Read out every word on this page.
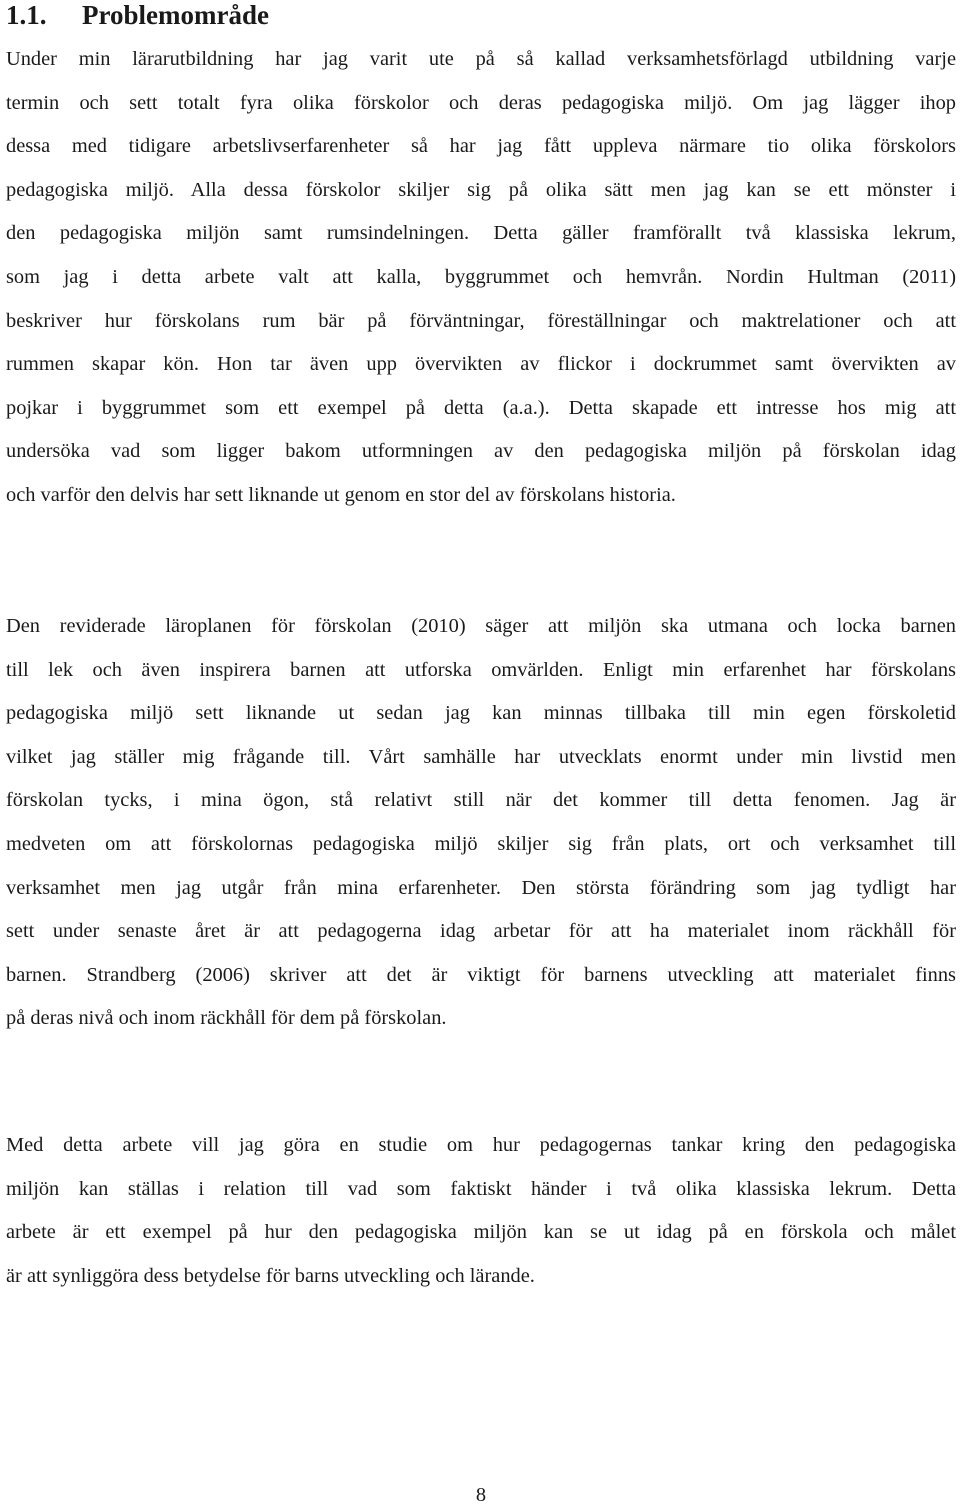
1.1. Problemområde
Under min lärarutbildning har jag varit ute på så kallad verksamhetsförlagd utbildning varje
termin och sett totalt fyra olika förskolor och deras pedagogiska miljö. Om jag lägger ihop
dessa med tidigare arbetslivserfarenheter så har jag fått uppleva närmare tio olika förskolors
pedagogiska miljö. Alla dessa förskolor skiljer sig på olika sätt men jag kan se ett mönster i
den pedagogiska miljön samt rumsindelningen. Detta gäller framförallt två klassiska lekrum,
som jag i detta arbete valt att kalla, byggrummet och hemvrån. Nordin Hultman (2011)
beskriver hur förskolans rum bär på förväntningar, föreställningar och maktrelationer och att
rummen skapar kön. Hon tar även upp övervikten av flickor i dockrummet samt övervikten av
pojkar i byggrummet som ett exempel på detta (a.a.). Detta skapade ett intresse hos mig att
undersöka vad som ligger bakom utformningen av den pedagogiska miljön på förskolan idag
och varför den delvis har sett liknande ut genom en stor del av förskolans historia.
Den reviderade läroplanen för förskolan (2010) säger att miljön ska utmana och locka barnen
till lek och även inspirera barnen att utforska omvärlden. Enligt min erfarenhet har förskolans
pedagogiska miljö sett liknande ut sedan jag kan minnas tillbaka till min egen förskoletid
vilket jag ställer mig frågande till. Vårt samhälle har utvecklats enormt under min livstid men
förskolan tycks, i mina ögon, stå relativt still när det kommer till detta fenomen. Jag är
medveten om att förskolornas pedagogiska miljö skiljer sig från plats, ort och verksamhet till
verksamhet men jag utgår från mina erfarenheter. Den största förändring som jag tydligt har
sett under senaste året är att pedagogerna idag arbetar för att ha materialet inom räckhåll för
barnen. Strandberg (2006) skriver att det är viktigt för barnens utveckling att materialet finns
på deras nivå och inom räckhåll för dem på förskolan.
Med detta arbete vill jag göra en studie om hur pedagogernas tankar kring den pedagogiska
miljön kan ställas i relation till vad som faktiskt händer i två olika klassiska lekrum. Detta
arbete är ett exempel på hur den pedagogiska miljön kan se ut idag på en förskola och målet
är att synliggöra dess betydelse för barns utveckling och lärande.
8
